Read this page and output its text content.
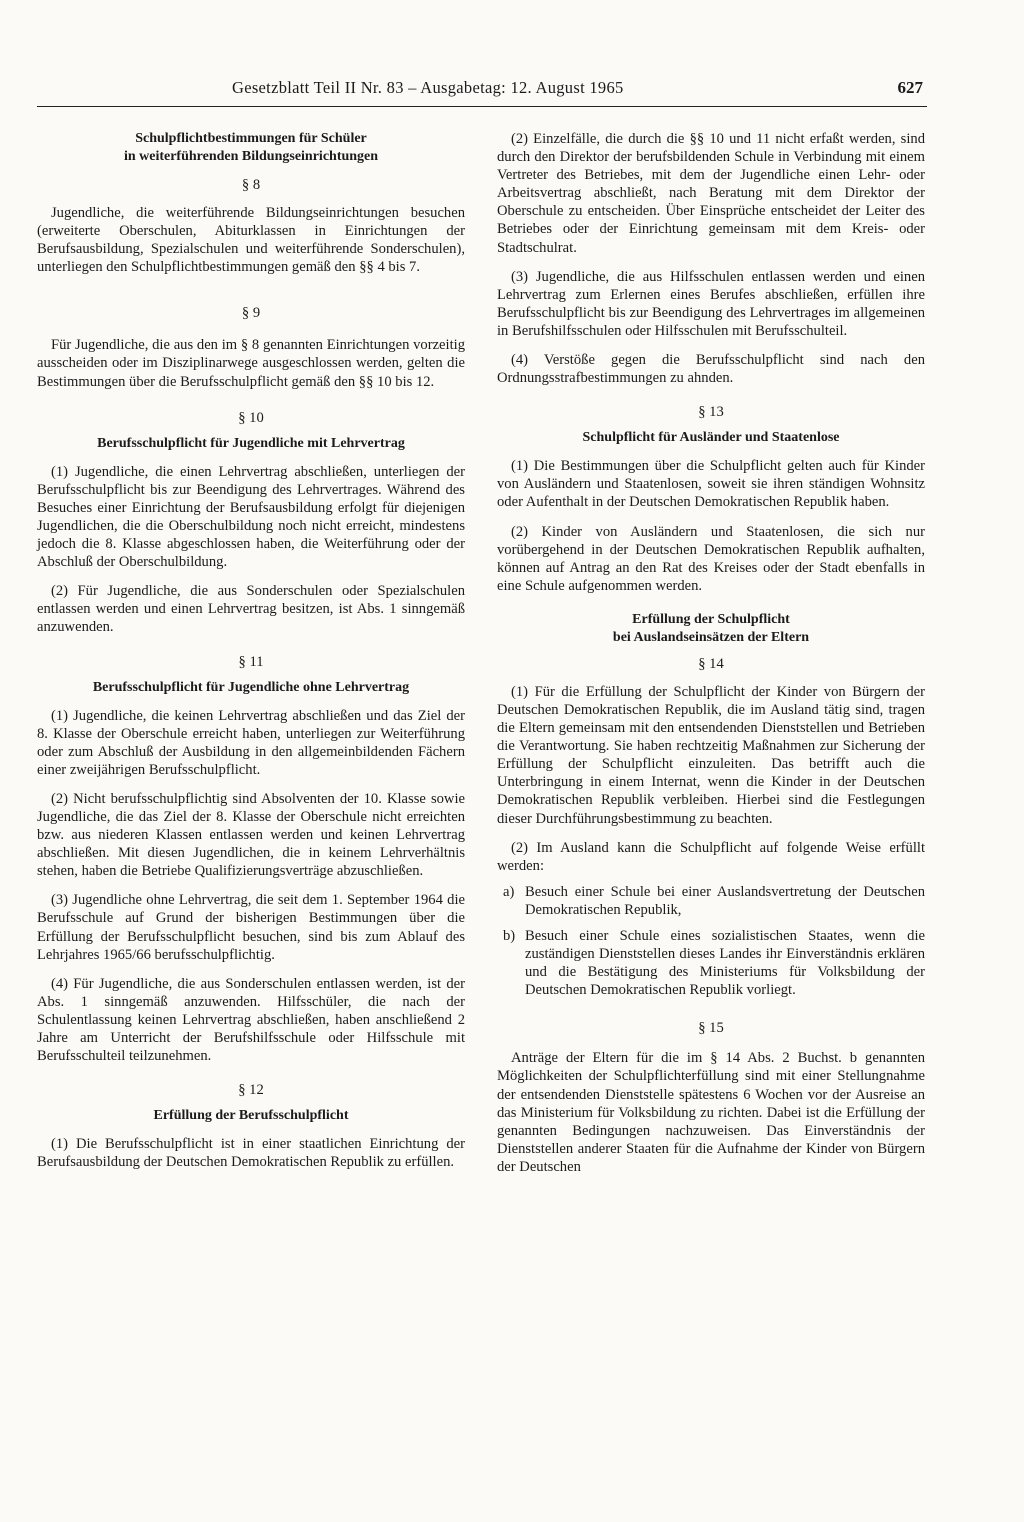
Gesetzblatt Teil II Nr. 83 – Ausgabetag: 12. August 1965	627

Schulpflichtbestimmungen für Schüler
in weiterführenden Bildungseinrichtungen

§ 8

Jugendliche, die weiterführende Bildungseinrichtungen besuchen (erweiterte Oberschulen, Abiturklassen in Einrichtungen der Berufsausbildung, Spezialschulen und weiterführende Sonderschulen), unterliegen den Schulpflichtbestimmungen gemäß den §§ 4 bis 7.

§ 9

Für Jugendliche, die aus den im § 8 genannten Einrichtungen vorzeitig ausscheiden oder im Disziplinarwege ausgeschlossen werden, gelten die Bestimmungen über die Berufsschulpflicht gemäß den §§ 10 bis 12.

§ 10

Berufsschulpflicht für Jugendliche mit Lehrvertrag

(1) Jugendliche, die einen Lehrvertrag abschließen, unterliegen der Berufsschulpflicht bis zur Beendigung des Lehrvertrages. Während des Besuches einer Einrichtung der Berufsausbildung erfolgt für diejenigen Jugendlichen, die die Oberschulbildung noch nicht erreicht, mindestens jedoch die 8. Klasse abgeschlossen haben, die Weiterführung oder der Abschluß der Oberschulbildung.

(2) Für Jugendliche, die aus Sonderschulen oder Spezialschulen entlassen werden und einen Lehrvertrag besitzen, ist Abs. 1 sinngemäß anzuwenden.

§ 11

Berufsschulpflicht für Jugendliche ohne Lehrvertrag

(1) Jugendliche, die keinen Lehrvertrag abschließen und das Ziel der 8. Klasse der Oberschule erreicht haben, unterliegen zur Weiterführung oder zum Abschluß der Ausbildung in den allgemeinbildenden Fächern einer zweijährigen Berufsschulpflicht.

(2) Nicht berufsschulpflichtig sind Absolventen der 10. Klasse sowie Jugendliche, die das Ziel der 8. Klasse der Oberschule nicht erreichten bzw. aus niederen Klassen entlassen werden und keinen Lehrvertrag abschließen. Mit diesen Jugendlichen, die in keinem Lehrverhältnis stehen, haben die Betriebe Qualifizierungsverträge abzuschließen.

(3) Jugendliche ohne Lehrvertrag, die seit dem 1. September 1964 die Berufsschule auf Grund der bisherigen Bestimmungen über die Erfüllung der Berufsschulpflicht besuchen, sind bis zum Ablauf des Lehrjahres 1965/66 berufsschulpflichtig.

(4) Für Jugendliche, die aus Sonderschulen entlassen werden, ist der Abs. 1 sinngemäß anzuwenden. Hilfsschüler, die nach der Schulentlassung keinen Lehrvertrag abschließen, haben anschließend 2 Jahre am Unterricht der Berufshilfsschule oder Hilfsschule mit Berufsschulteil teilzunehmen.

§ 12

Erfüllung der Berufsschulpflicht

(1) Die Berufsschulpflicht ist in einer staatlichen Einrichtung der Berufsausbildung der Deutschen Demokratischen Republik zu erfüllen.

(2) Einzelfälle, die durch die §§ 10 und 11 nicht erfaßt werden, sind durch den Direktor der berufsbildenden Schule in Verbindung mit einem Vertreter des Betriebes, mit dem der Jugendliche einen Lehr- oder Arbeitsvertrag abschließt, nach Beratung mit dem Direktor der Oberschule zu entscheiden. Über Einsprüche entscheidet der Leiter des Betriebes oder der Einrichtung gemeinsam mit dem Kreis- oder Stadtschulrat.

(3) Jugendliche, die aus Hilfsschulen entlassen werden und einen Lehrvertrag zum Erlernen eines Berufes abschließen, erfüllen ihre Berufsschulpflicht bis zur Beendigung des Lehrvertrages im allgemeinen in Berufshilfsschulen oder Hilfsschulen mit Berufsschulteil.

(4) Verstöße gegen die Berufsschulpflicht sind nach den Ordnungsstrafbestimmungen zu ahnden.

§ 13

Schulpflicht für Ausländer und Staatenlose

(1) Die Bestimmungen über die Schulpflicht gelten auch für Kinder von Ausländern und Staatenlosen, soweit sie ihren ständigen Wohnsitz oder Aufenthalt in der Deutschen Demokratischen Republik haben.

(2) Kinder von Ausländern und Staatenlosen, die sich nur vorübergehend in der Deutschen Demokratischen Republik aufhalten, können auf Antrag an den Rat des Kreises oder der Stadt ebenfalls in eine Schule aufgenommen werden.

Erfüllung der Schulpflicht
bei Auslandseinsätzen der Eltern

§ 14

(1) Für die Erfüllung der Schulpflicht der Kinder von Bürgern der Deutschen Demokratischen Republik, die im Ausland tätig sind, tragen die Eltern gemeinsam mit den entsendenden Dienststellen und Betrieben die Verantwortung. Sie haben rechtzeitig Maßnahmen zur Sicherung der Erfüllung der Schulpflicht einzuleiten. Das betrifft auch die Unterbringung in einem Internat, wenn die Kinder in der Deutschen Demokratischen Republik verbleiben. Hierbei sind die Festlegungen dieser Durchführungsbestimmung zu beachten.

(2) Im Ausland kann die Schulpflicht auf folgende Weise erfüllt werden:

a) Besuch einer Schule bei einer Auslandsvertretung der Deutschen Demokratischen Republik,
b) Besuch einer Schule eines sozialistischen Staates, wenn die zuständigen Dienststellen dieses Landes ihr Einverständnis erklären und die Bestätigung des Ministeriums für Volksbildung der Deutschen Demokratischen Republik vorliegt.

§ 15

Anträge der Eltern für die im § 14 Abs. 2 Buchst. b genannten Möglichkeiten der Schulpflichterfüllung sind mit einer Stellungnahme der entsendenden Dienststelle spätestens 6 Wochen vor der Ausreise an das Ministerium für Volksbildung zu richten. Dabei ist die Erfüllung der genannten Bedingungen nachzuweisen. Das Einverständnis der Dienststellen anderer Staaten für die Aufnahme der Kinder von Bürgern der Deutschen
